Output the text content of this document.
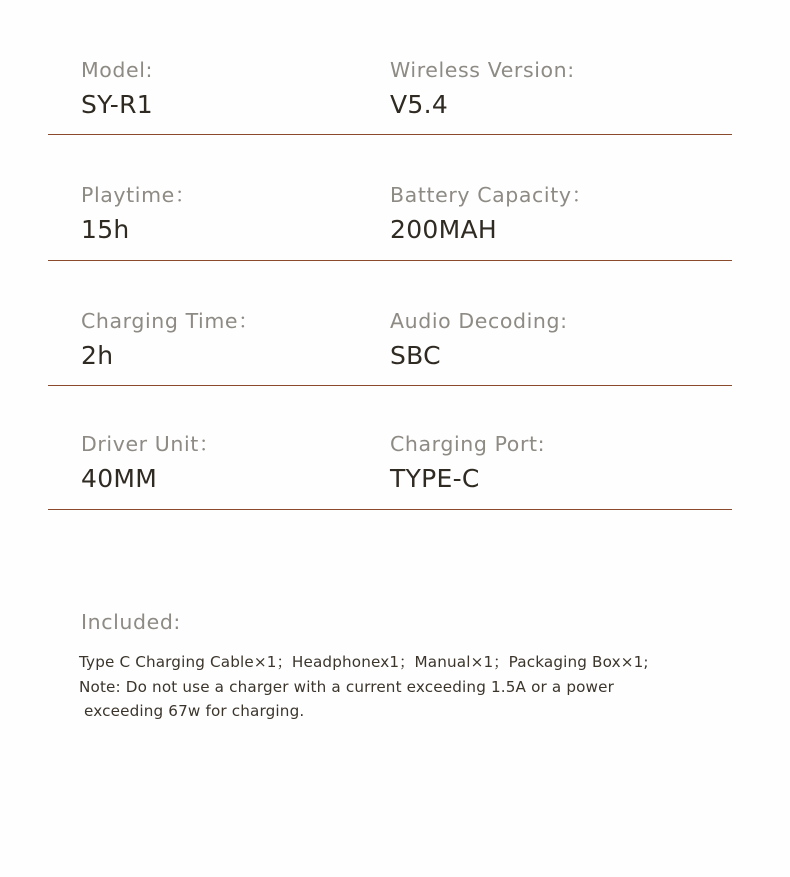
Model:
SY-R1
Wireless Version:
V5.4
Playtime：
15h
Battery Capacity：
200MAH
Charging Time：
2h
Audio Decoding:
SBC
Driver Unit：
40MM
Charging Port:
TYPE-C
Included:
Type C Charging Cable×1；Headphonex1；Manual×1；Packaging Box×1;
Note: Do not use a charger with a current exceeding 1.5A or a power
exceeding 67w for charging.
